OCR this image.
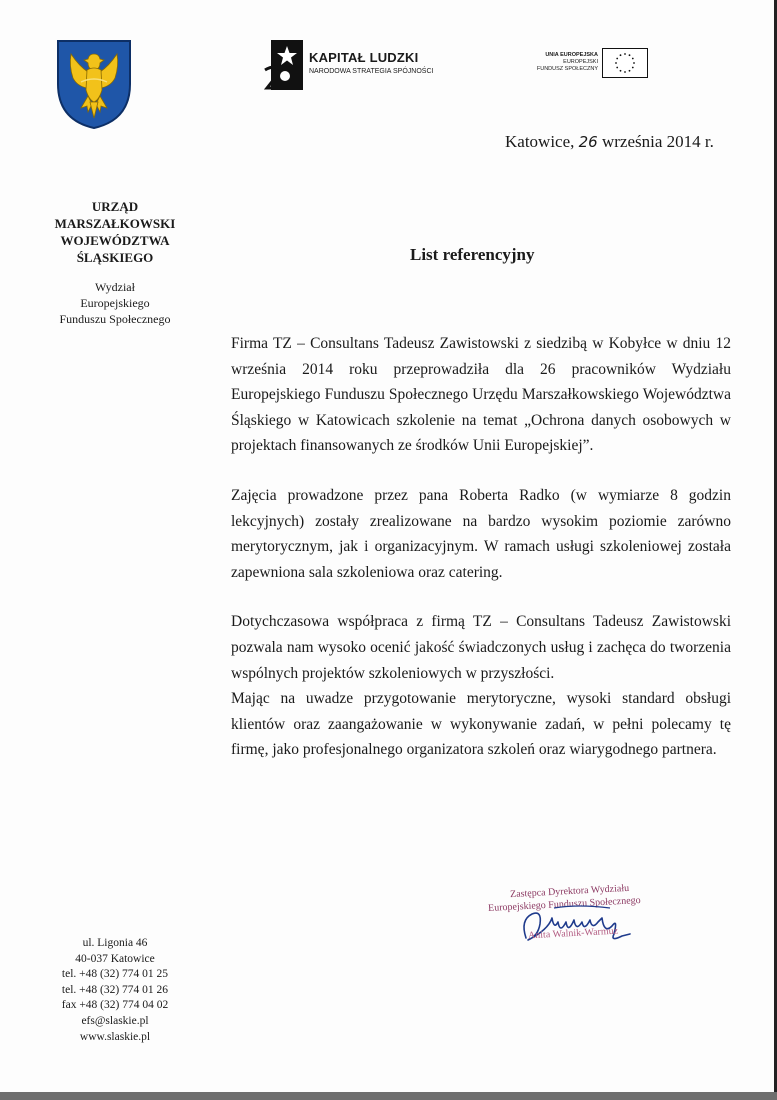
KAPITAŁ LUDZKI
NARODOWA STRATEGIA SPÓJNOŚCI
UNIA EUROPEJSKA
EUROPEJSKI
FUNDUSZ SPOŁECZNY
Katowice, 26 września 2014 r.
URZĄD MARSZAŁKOWSKI
WOJEWÓDZTWA
ŚLĄSKIEGO
Wydział
Europejskiego
Funduszu Społecznego
List referencyjny

Firma TZ – Consultans Tadeusz Zawistowski z siedzibą w Kobyłce w dniu 12 września 2014 roku przeprowadziła dla 26 pracowników Wydziału Europejskiego Funduszu Społecznego Urzędu Marszałkowskiego Województwa Śląskiego w Katowicach szkolenie na temat „Ochrona danych osobowych w projektach finansowanych ze środków Unii Europejskiej”.

Zajęcia prowadzone przez pana Roberta Radko (w wymiarze 8 godzin lekcyjnych) zostały zrealizowane na bardzo wysokim poziomie zarówno merytorycznym, jak i organizacyjnym. W ramach usługi szkoleniowej została zapewniona sala szkoleniowa oraz catering.

Dotychczasowa współpraca z firmą TZ – Consultans Tadeusz Zawistowski pozwala nam wysoko ocenić jakość świadczonych usług i zachęca do tworzenia wspólnych projektów szkoleniowych w przyszłości.

Mając na uwadze przygotowanie merytoryczne, wysoki standard obsługi klientów oraz zaangażowanie w wykonywanie zadań, w pełni polecamy tę firmę, jako profesjonalnego organizatora szkoleń oraz wiarygodnego partnera.

Zastępca Dyrektora Wydziału
Europejskiego Funduszu Społecznego
Anita Walnik-Warmuz
ul. Ligonia 46
40-037 Katowice
tel. +48 (32) 774 01 25
tel. +48 (32) 774 01 26
fax +48 (32) 774 04 02
efs@slaskie.pl
www.slaskie.pl
